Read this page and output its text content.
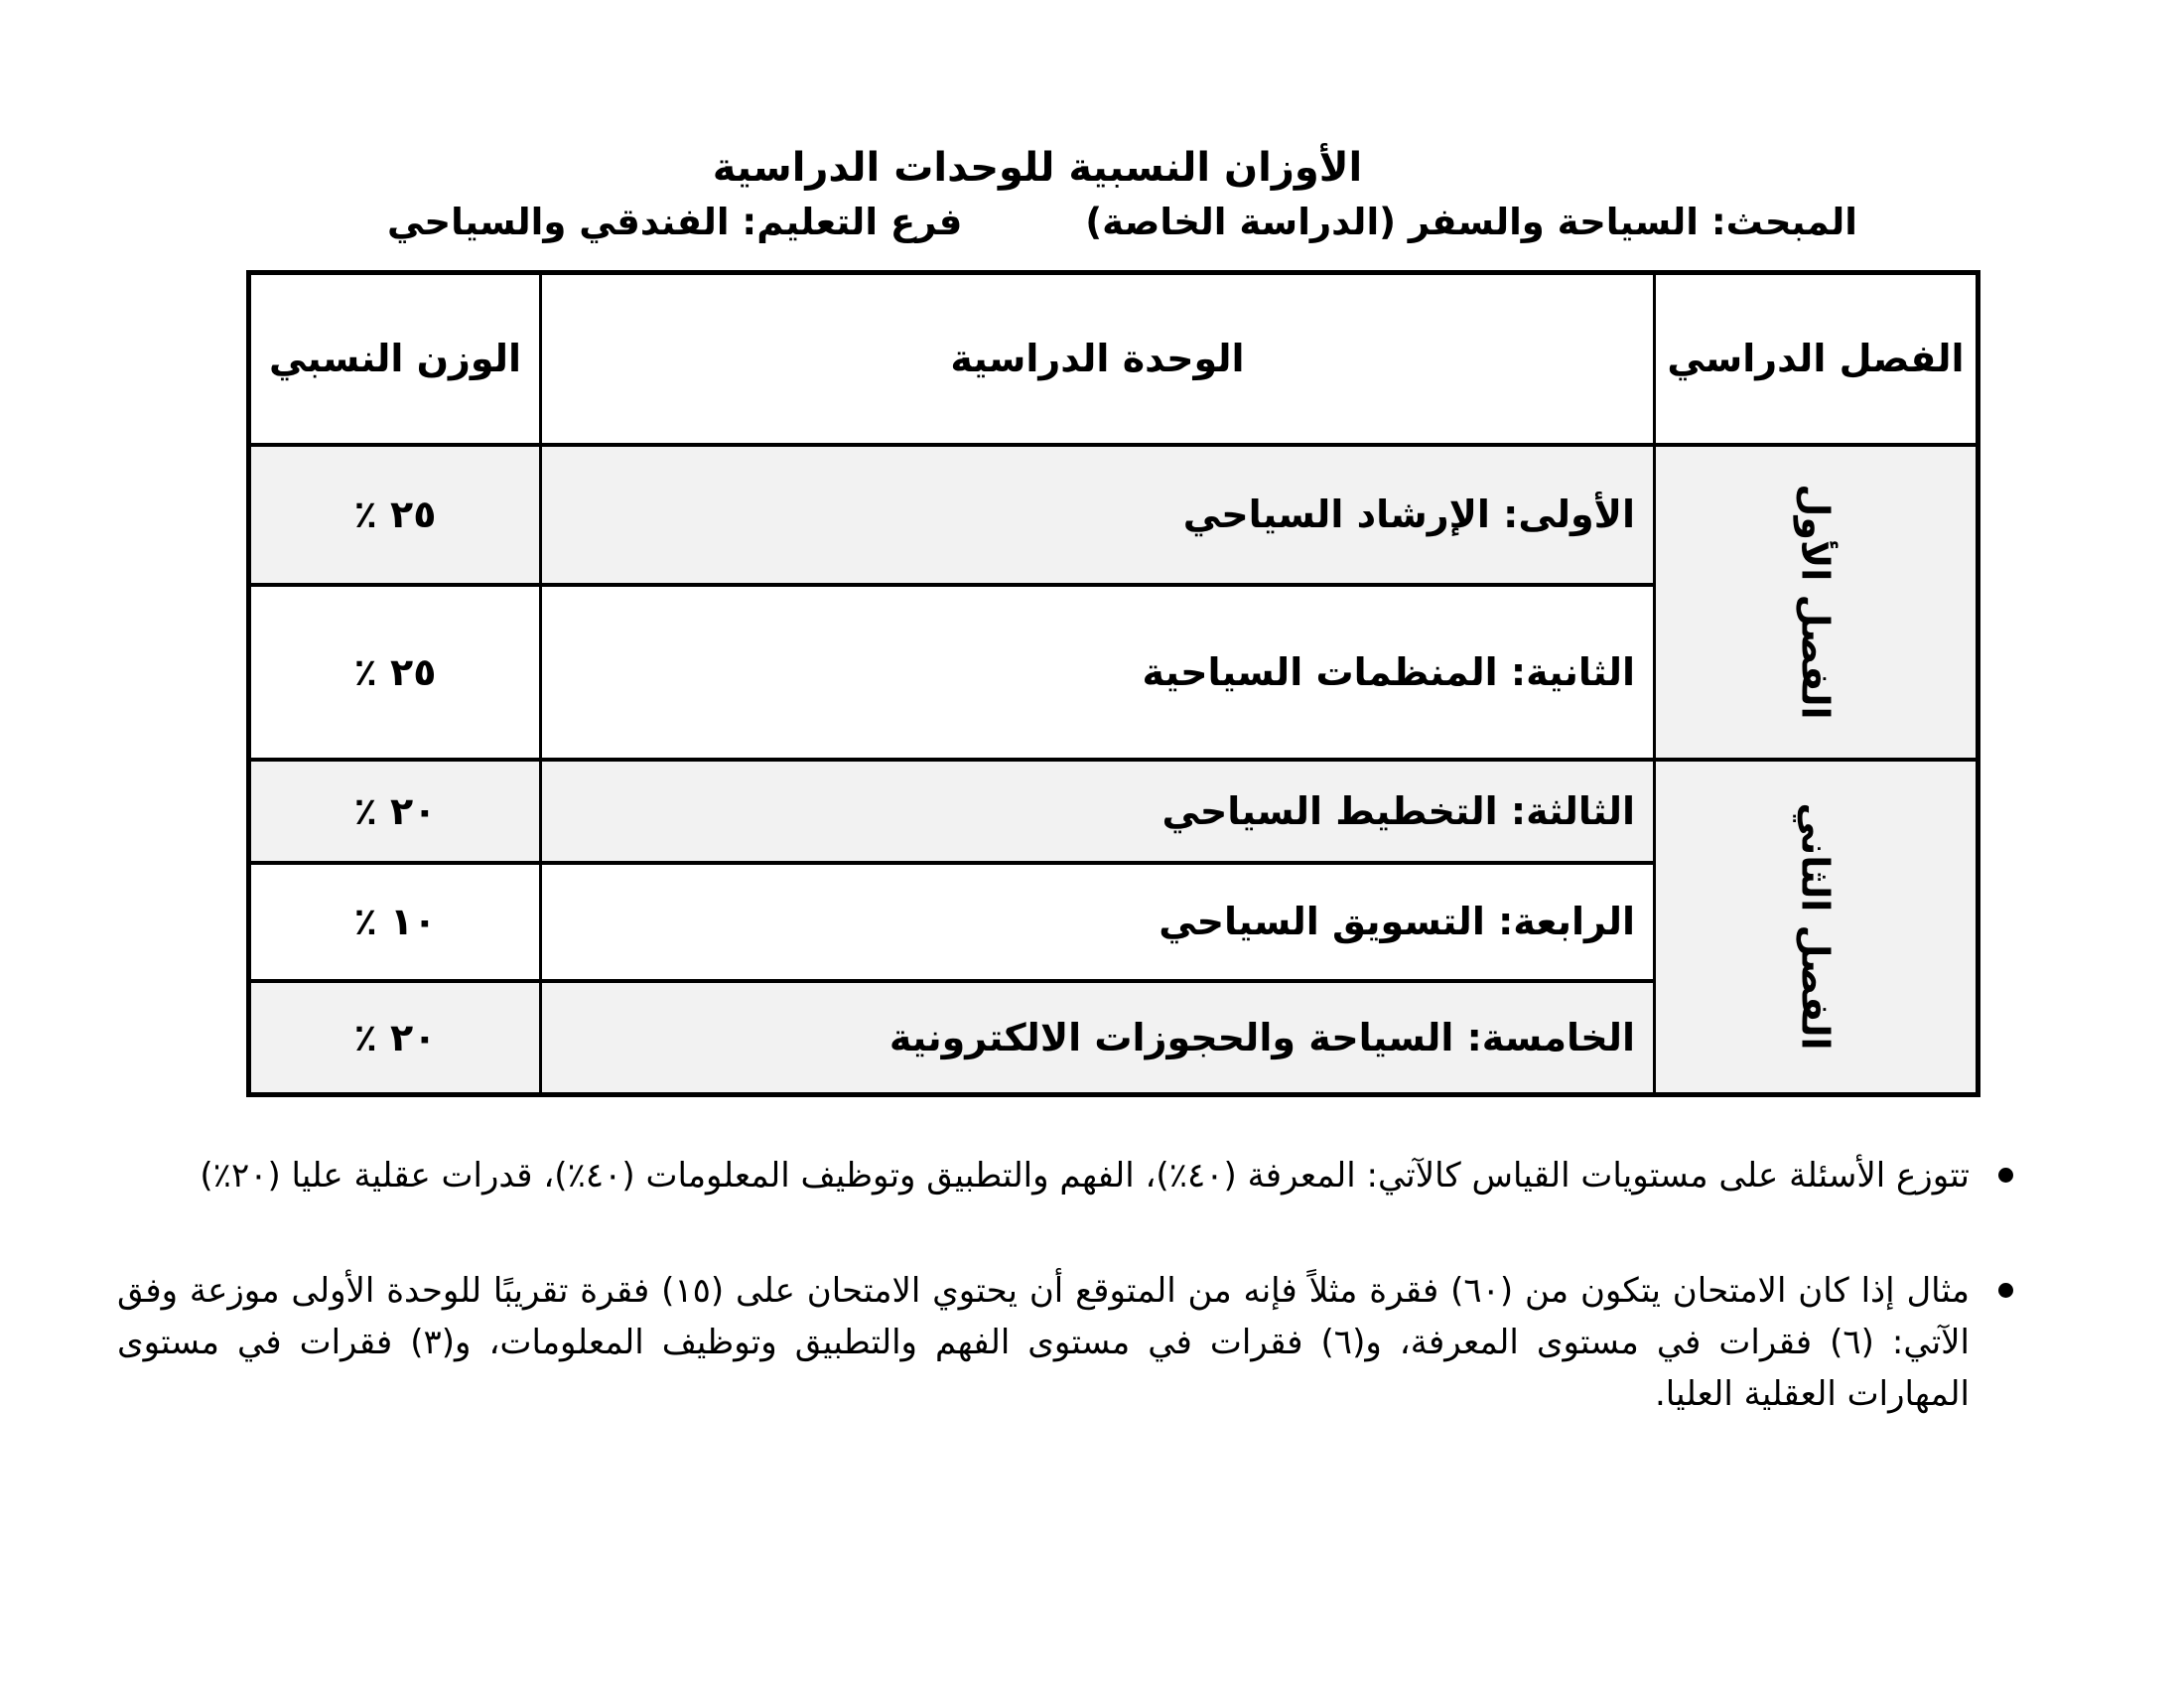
الأوزان النسبية للوحدات الدراسية
المبحث: السياحة والسفر (الدراسة الخاصة)
فرع التعليم: الفندقي والسياحي
الفصل الدراسي	الوحدة الدراسية	الوزن النسبي
الفصل الأول	الأولى: الإرشاد السياحي	٢٥ ٪
	الثانية: المنظمات السياحية	٢٥ ٪
الفصل الثاني	الثالثة: التخطيط السياحي	٢٠ ٪
	الرابعة: التسويق السياحي	١٠ ٪
	الخامسة: السياحة والحجوزات الالكترونية	٢٠ ٪
تتوزع الأسئلة على مستويات القياس كالآتي: المعرفة (٤٠٪)، الفهم والتطبيق وتوظيف المعلومات (٤٠٪)، قدرات عقلية عليا (٢٠٪)
مثال إذا كان الامتحان يتكون من (٦٠) فقرة مثلاً فإنه من المتوقع أن يحتوي الامتحان على (١٥) فقرة تقريبًا للوحدة الأولى موزعة وفق الآتي: (٦) فقرات في مستوى المعرفة، و(٦) فقرات في مستوى الفهم والتطبيق وتوظيف المعلومات، و(٣) فقرات في مستوى المهارات العقلية العليا.
